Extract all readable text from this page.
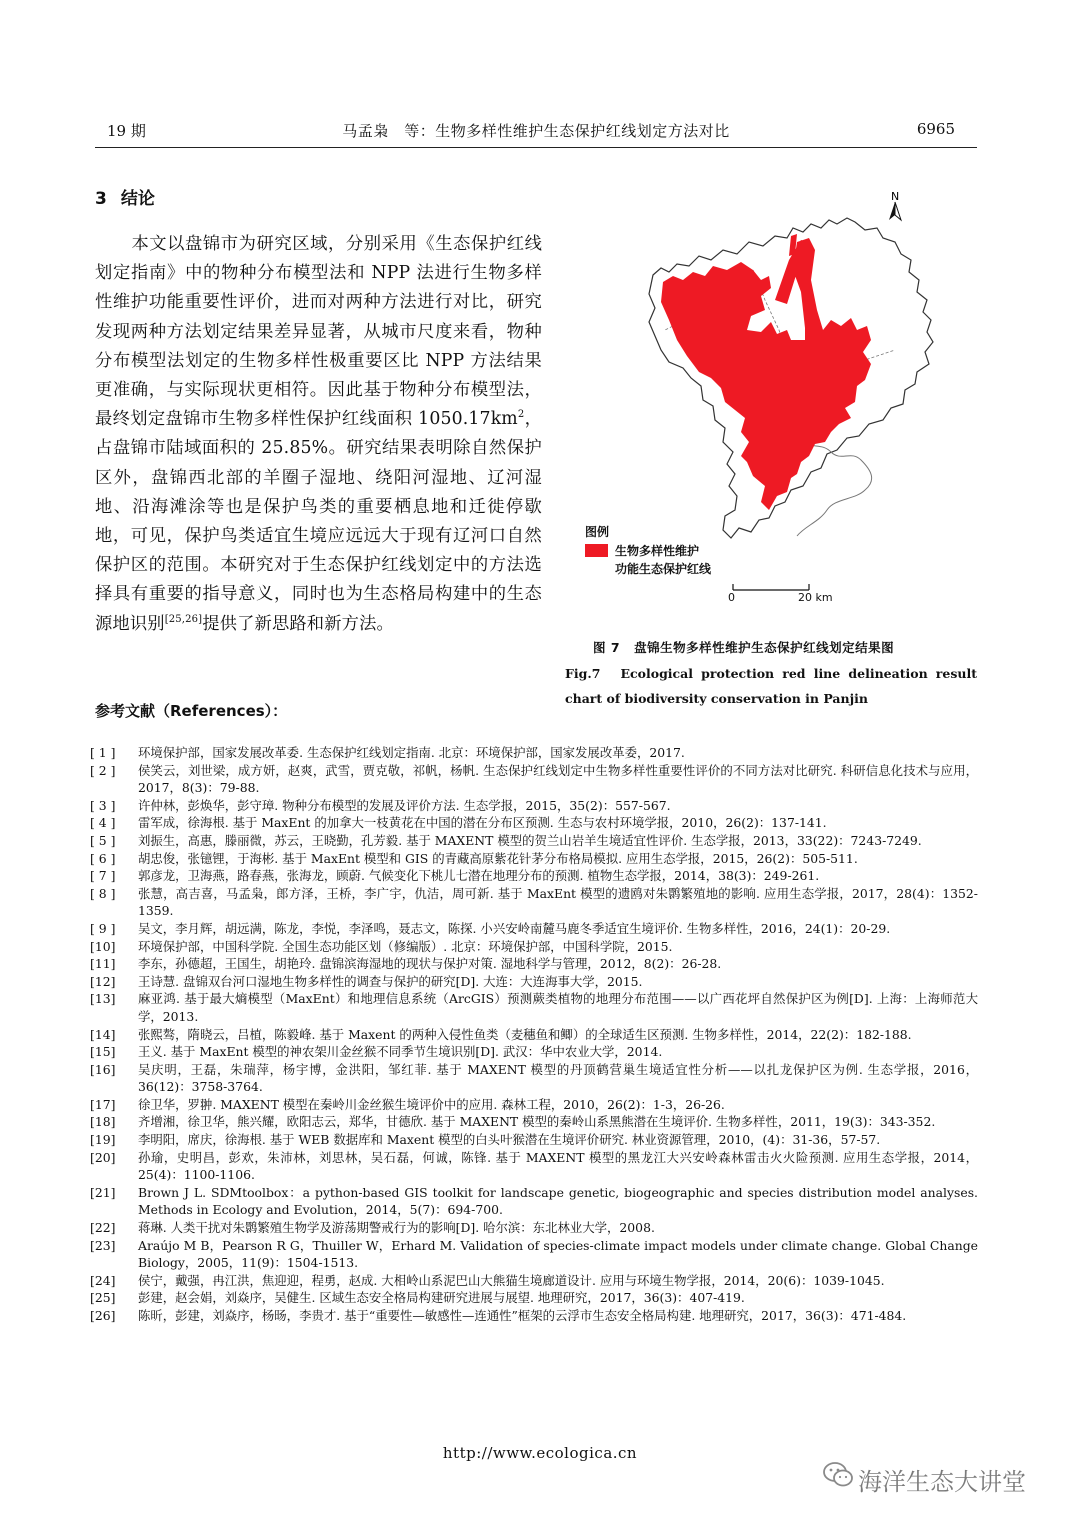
19 期	马孟枭　等：生物多样性维护生态保护红线划定方法对比	6965
3 结论

本文以盘锦市为研究区域，分别采用《生态保护红线划定指南》中的物种分布模型法和 NPP 法进行生物多样性维护功能重要性评价，进而对两种方法进行对比，研究发现两种方法划定结果差异显著，从城市尺度来看，物种分布模型法划定的生物多样性极重要区比 NPP 方法结果更准确，与实际现状更相符。因此基于物种分布模型法，最终划定盘锦市生物多样性保护红线面积 $1050.17km^2$，占盘锦市陆域面积的 25.85%。研究结果表明除自然保护区外，盘锦西北部的羊圈子湿地、绕阳河湿地、辽河湿地、沿海滩涂等也是保护鸟类的重要栖息地和迁徙停歇地，可见，保护鸟类适宜生境应远远大于现有辽河口自然保护区的范围。本研究对于生态保护红线划定中的方法选择具有重要的指导意义，同时也为生态格局构建中的生态源地识别[25,26]提供了新思路和新方法。

N
图例
生物多样性维护
功能生态保护红线
0	20 km
图 7 盘锦生物多样性维护生态保护红线划定结果图
Fig.7　Ecological protection red line delineation result chart of biodiversity conservation in Panjin
参考文献（References）：

[ 1 ]	环境保护部，国家发展改革委. 生态保护红线划定指南. 北京：环境保护部，国家发展改革委，2017.

[ 2 ]	侯笑云，刘世梁，成方妍，赵爽，武雪，贾克敬，祁帆，杨帆. 生态保护红线划定中生物多样性重要性评价的不同方法对比研究. 科研信息化技术与应用，2017，8(3)：79-88.

[ 3 ]	许仲林，彭焕华，彭守璋. 物种分布模型的发展及评价方法. 生态学报，2015，35(2)：557-567.

[ 4 ]	雷军成，徐海根. 基于 MaxEnt 的加拿大一枝黄花在中国的潜在分布区预测. 生态与农村环境学报，2010，26(2)：137-141.

[ 5 ]	刘振生，高惠，滕丽微，苏云，王晓勤，孔芳毅. 基于 MAXENT 模型的贺兰山岩羊生境适宜性评价. 生态学报，2013，33(22)：7243-7249.

[ 6 ]	胡忠俊，张镱锂，于海彬. 基于 MaxEnt 模型和 GIS 的青藏高原紫花针茅分布格局模拟. 应用生态学报，2015，26(2)：505-511.

[ 7 ]	郭彦龙，卫海燕，路春燕，张海龙，顾蔚. 气候变化下桃儿七潜在地理分布的预测. 植物生态学报，2014，38(3)：249-261.

[ 8 ]	张慧，高吉喜，马孟枭，郎方泽，王桥，李广宇，仇洁，周可新. 基于 MaxEnt 模型的遗鸥对朱鹮繁殖地的影响. 应用生态学报，2017，28(4)：1352-1359.

[ 9 ]	吴文，李月辉，胡远满，陈龙，李悦，李泽鸣，聂志文，陈探. 小兴安岭南麓马鹿冬季适宜生境评价. 生物多样性，2016，24(1)：20-29.

[10]	环境保护部，中国科学院. 全国生态功能区划（修编版）. 北京：环境保护部，中国科学院，2015.

[11]	李东，孙德超，王国生，胡艳玲. 盘锦滨海湿地的现状与保护对策. 湿地科学与管理，2012，8(2)：26-28.

[12]	王诗慧. 盘锦双台河口湿地生物多样性的调查与保护的研究[D]. 大连：大连海事大学，2015.

[13]	麻亚鸿. 基于最大熵模型（MaxEnt）和地理信息系统（ArcGIS）预测蕨类植物的地理分布范围——以广西花坪自然保护区为例[D]. 上海：上海师范大学，2013.

[14]	张熙骜，隋晓云，吕植，陈毅峰. 基于 Maxent 的两种入侵性鱼类（麦穗鱼和鲫）的全球适生区预测. 生物多样性，2014，22(2)：182-188.

[15]	王义. 基于 MaxEnt 模型的神农架川金丝猴不同季节生境识别[D]. 武汉：华中农业大学，2014.

[16]	吴庆明，王磊，朱瑞萍，杨宇博，金洪阳，邹红菲. 基于 MAXENT 模型的丹顶鹤营巢生境适宜性分析——以扎龙保护区为例. 生态学报，2016，36(12)：3758-3764.

[17]	徐卫华，罗翀. MAXENT 模型在秦岭川金丝猴生境评价中的应用. 森林工程，2010，26(2)：1-3，26-26.

[18]	齐增湘，徐卫华，熊兴耀，欧阳志云，郑华，甘德欣. 基于 MAXENT 模型的秦岭山系黑熊潜在生境评价. 生物多样性，2011，19(3)：343-352.

[19]	李明阳，席庆，徐海根. 基于 WEB 数据库和 Maxent 模型的白头叶猴潜在生境评价研究. 林业资源管理，2010，(4)：31-36，57-57.

[20]	孙瑜，史明昌，彭欢，朱沛林，刘思林，吴石磊，何诚，陈锋. 基于 MAXENT 模型的黑龙江大兴安岭森林雷击火火险预测. 应用生态学报，2014，25(4)：1100-1106.

[21]	Brown J L. SDMtoolbox：a python-based GIS toolkit for landscape genetic, biogeographic and species distribution model analyses. Methods in Ecology and Evolution，2014，5(7)：694-700.

[22]	蒋琳. 人类干扰对朱鹮繁殖生物学及游荡期警戒行为的影响[D]. 哈尔滨：东北林业大学，2008.

[23]	Araújo M B，Pearson R G，Thuiller W，Erhard M. Validation of species-climate impact models under climate change. Global Change Biology，2005，11(9)：1504-1513.

[24]	侯宁，戴强，冉江洪，焦迎迎，程勇，赵成. 大相岭山系泥巴山大熊猫生境廊道设计. 应用与环境生物学报，2014，20(6)：1039-1045.

[25]	彭建，赵会娟，刘焱序，吴健生. 区域生态安全格局构建研究进展与展望. 地理研究，2017，36(3)：407-419.

[26]	陈昕，彭建，刘焱序，杨旸，李贵才. 基于“重要性—敏感性—连通性”框架的云浮市生态安全格局构建. 地理研究，2017，36(3)：471-484.

http://www.ecologica.cn
海洋生态大讲堂
